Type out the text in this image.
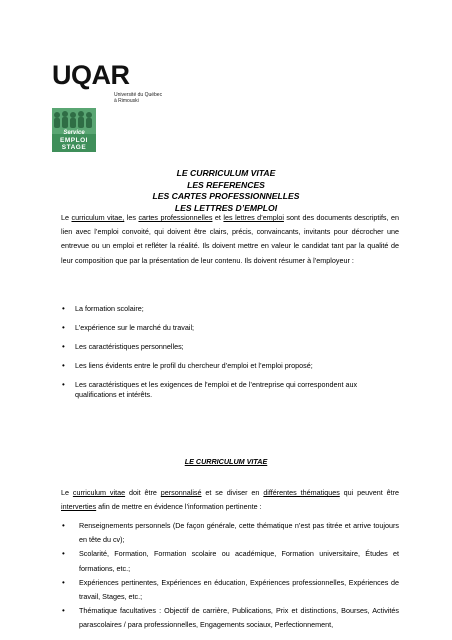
UQAR
Université du Québec
à Rimouski
Service
EMPLOI
STAGE
LE CURRICULUM VITAE
LES REFERENCES
LES CARTES PROFESSIONNELLES
LES LETTRES D’EMPLOI
Le curriculum vitae, les cartes professionnelles et les lettres d’emploi sont des documents descriptifs, en lien avec l’emploi convoité, qui doivent être clairs, précis, convaincants, invitants pour décrocher une entrevue ou un emploi et refléter la réalité. Ils doivent mettre en valeur le candidat tant par la qualité de leur composition que par la présentation de leur contenu. Ils doivent résumer à l’employeur :
• La formation scolaire;
• L’expérience sur le marché du travail;
• Les caractéristiques personnelles;
• Les liens évidents entre le profil du chercheur d’emploi et l’emploi proposé;
• Les caractéristiques et les exigences de l’emploi et de l’entreprise qui correspondent aux qualifications et intérêts.
LE CURRICULUM VITAE
Le curriculum vitae doit être personnalisé et se diviser en différentes thématiques qui peuvent être interverties afin de mettre en évidence l’information pertinente :
• Renseignements personnels (De façon générale, cette thématique n’est pas titrée et arrive toujours en tête du cv);
• Scolarité, Formation, Formation scolaire ou académique, Formation universitaire, Études et formations, etc.;
• Expériences pertinentes, Expériences en éducation, Expériences professionnelles, Expériences de travail, Stages, etc.;
• Thématique facultatives : Objectif de carrière, Publications, Prix et distinctions, Bourses, Activités parascolaires / para professionnelles, Engagements sociaux, Perfectionnement,
